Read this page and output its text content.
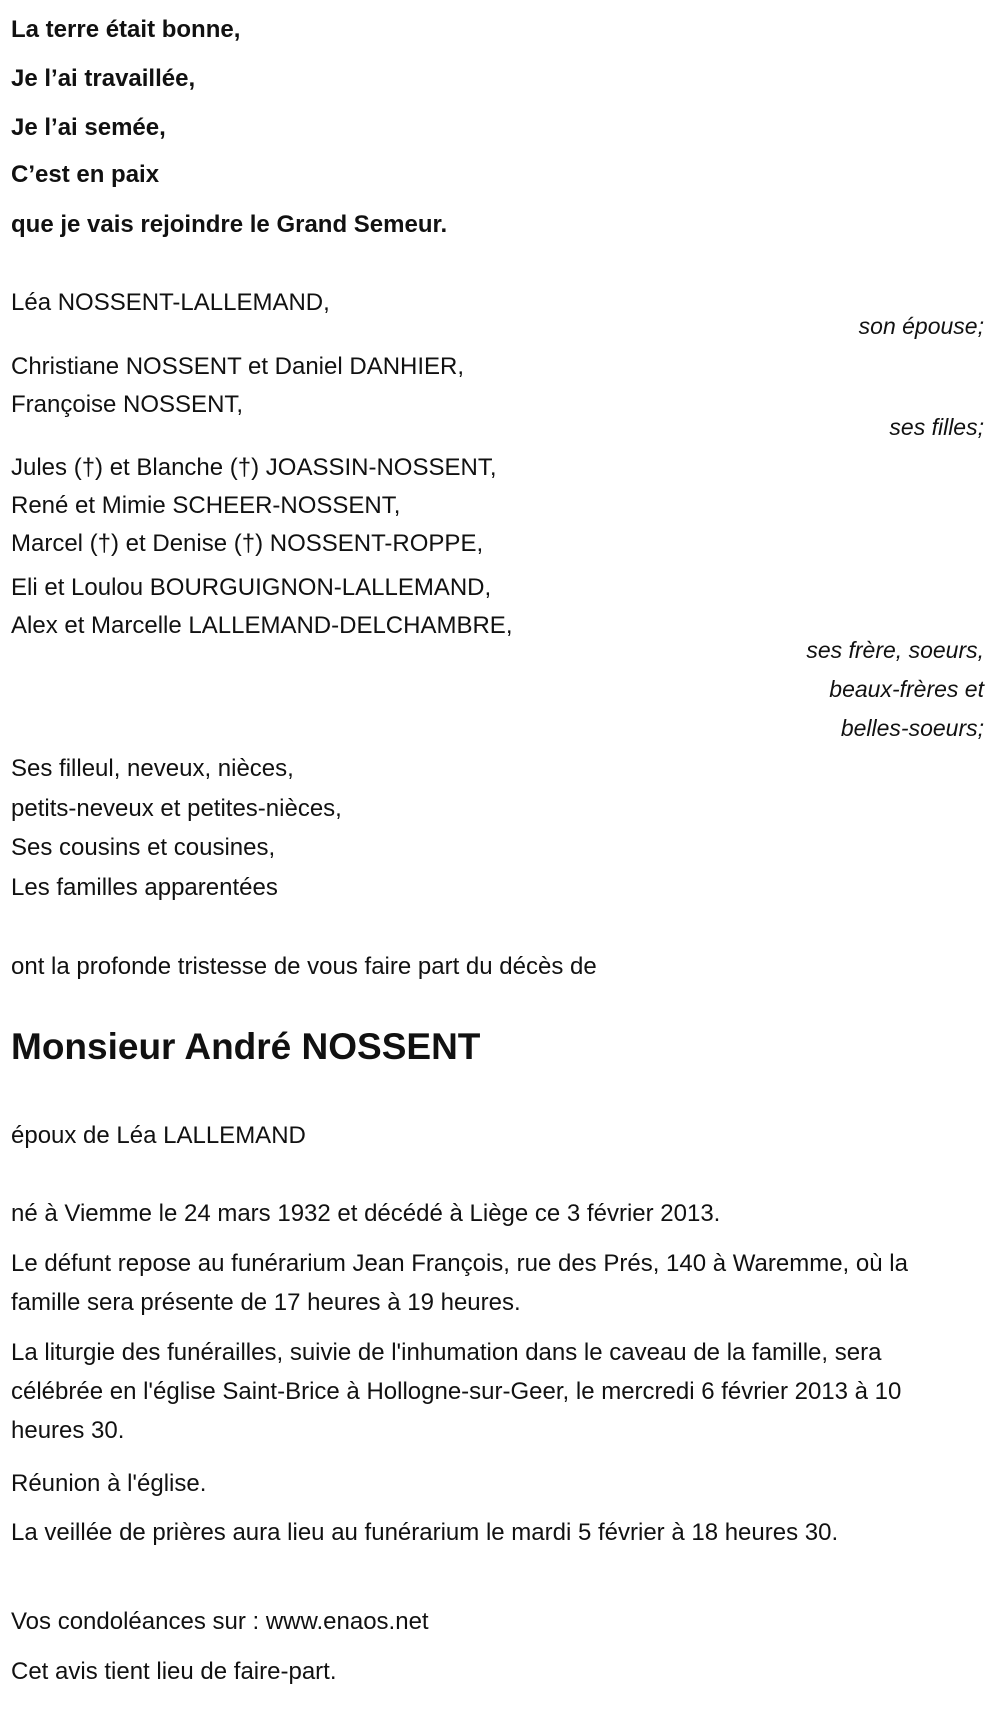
La terre était bonne,
Je l’ai travaillée,
Je l’ai semée,
C’est en paix
que je vais rejoindre le Grand Semeur.
Léa NOSSENT-LALLEMAND,
son épouse;
Christiane NOSSENT et Daniel DANHIER,
Françoise NOSSENT,
ses filles;
Jules (†) et Blanche (†) JOASSIN-NOSSENT,
René et Mimie SCHEER-NOSSENT,
Marcel (†) et Denise (†) NOSSENT-ROPPE,
Eli et Loulou BOURGUIGNON-LALLEMAND,
Alex et Marcelle LALLEMAND-DELCHAMBRE,
ses frère, soeurs,
beaux-frères et
belles-soeurs;
Ses filleul, neveux, nièces,
petits-neveux et petites-nièces,
Ses cousins et cousines,
Les familles apparentées
ont la profonde tristesse de vous faire part du décès de
Monsieur André NOSSENT
époux de Léa LALLEMAND
né à Viemme le 24 mars 1932 et décédé à Liège ce 3 février 2013.
Le défunt repose au funérarium Jean François, rue des Prés, 140 à Waremme, où la famille sera présente de 17 heures à 19 heures.
La liturgie des funérailles, suivie de l'inhumation dans le caveau de la famille, sera célébrée en l'église Saint-Brice à Hollogne-sur-Geer, le mercredi 6 février 2013 à 10 heures 30.
Réunion à l'église.
La veillée de prières aura lieu au funérarium le mardi 5 février à 18 heures 30.
Vos condoléances sur : www.enaos.net
Cet avis tient lieu de faire-part.
